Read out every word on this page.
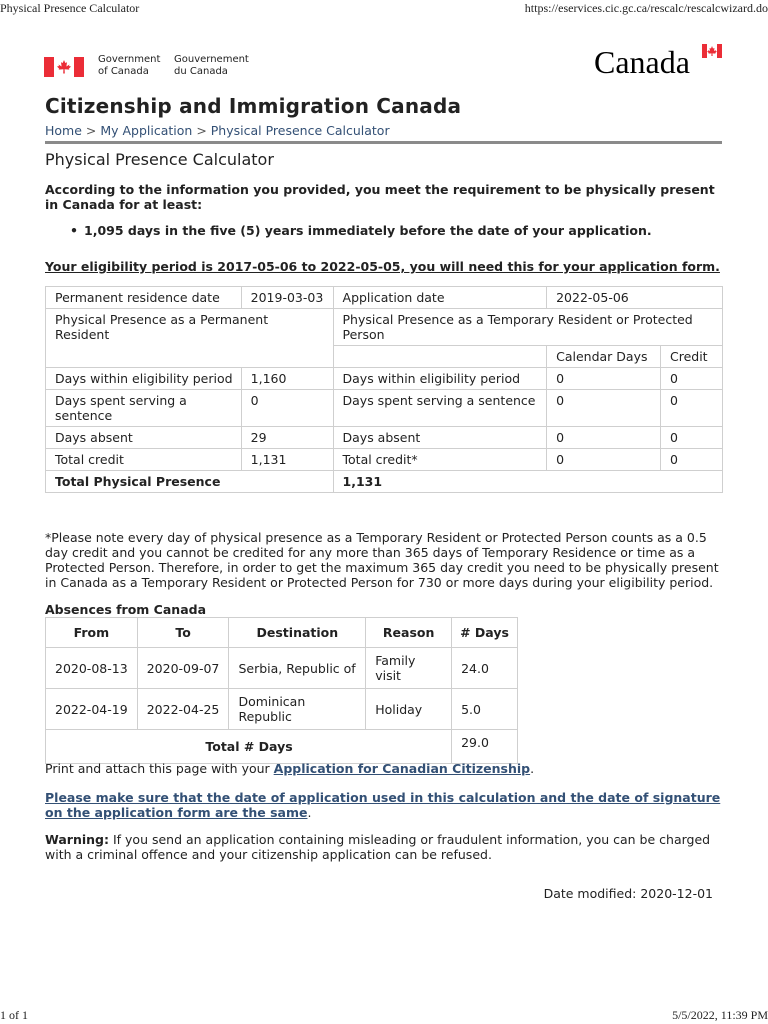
Physical Presence Calculator	https://eservices.cic.gc.ca/rescalc/rescalcwizard.do
Government
of Canada
Gouvernement
du Canada	Canada
Citizenship and Immigration Canada
Home > My Application > Physical Presence Calculator
Physical Presence Calculator
According to the information you provided, you meet the requirement to be physically present in Canada for at least:
• 1,095 days in the five (5) years immediately before the date of your application.
Your eligibility period is 2017-05-06 to 2022-05-05, you will need this for your application form.
Permanent residence date	2019-03-03	Application date	2022-05-06	
Physical Presence as a Permanent Resident		Physical Presence as a Temporary Resident or Protected Person		
			Calendar Days	Credit
Days within eligibility period	1,160	Days within eligibility period	0	0
Days spent serving a sentence	0	Days spent serving a sentence	0	0
Days absent	29	Days absent	0	0
Total credit	1,131	Total credit*	0	0
Total Physical Presence		1,131		
*Please note every day of physical presence as a Temporary Resident or Protected Person counts as a 0.5 day credit and you cannot be credited for any more than 365 days of Temporary Residence or time as a Protected Person. Therefore, in order to get the maximum 365 day credit you need to be physically present in Canada as a Temporary Resident or Protected Person for 730 or more days during your eligibility period.
Absences from Canada
From	To	Destination	Reason	# Days
2020-08-13	2020-09-07	Serbia, Republic of	Family visit	24.0
2022-04-19	2022-04-25	Dominican Republic	Holiday	5.0
Total # Days				29.0
Print and attach this page with your Application for Canadian Citizenship.
Please make sure that the date of application used in this calculation and the date of signature on the application form are the same.
Warning: If you send an application containing misleading or fraudulent information, you can be charged with a criminal offence and your citizenship application can be refused.
Date modified: 2020-12-01
1 of 1	5/5/2022, 11:39 PM
